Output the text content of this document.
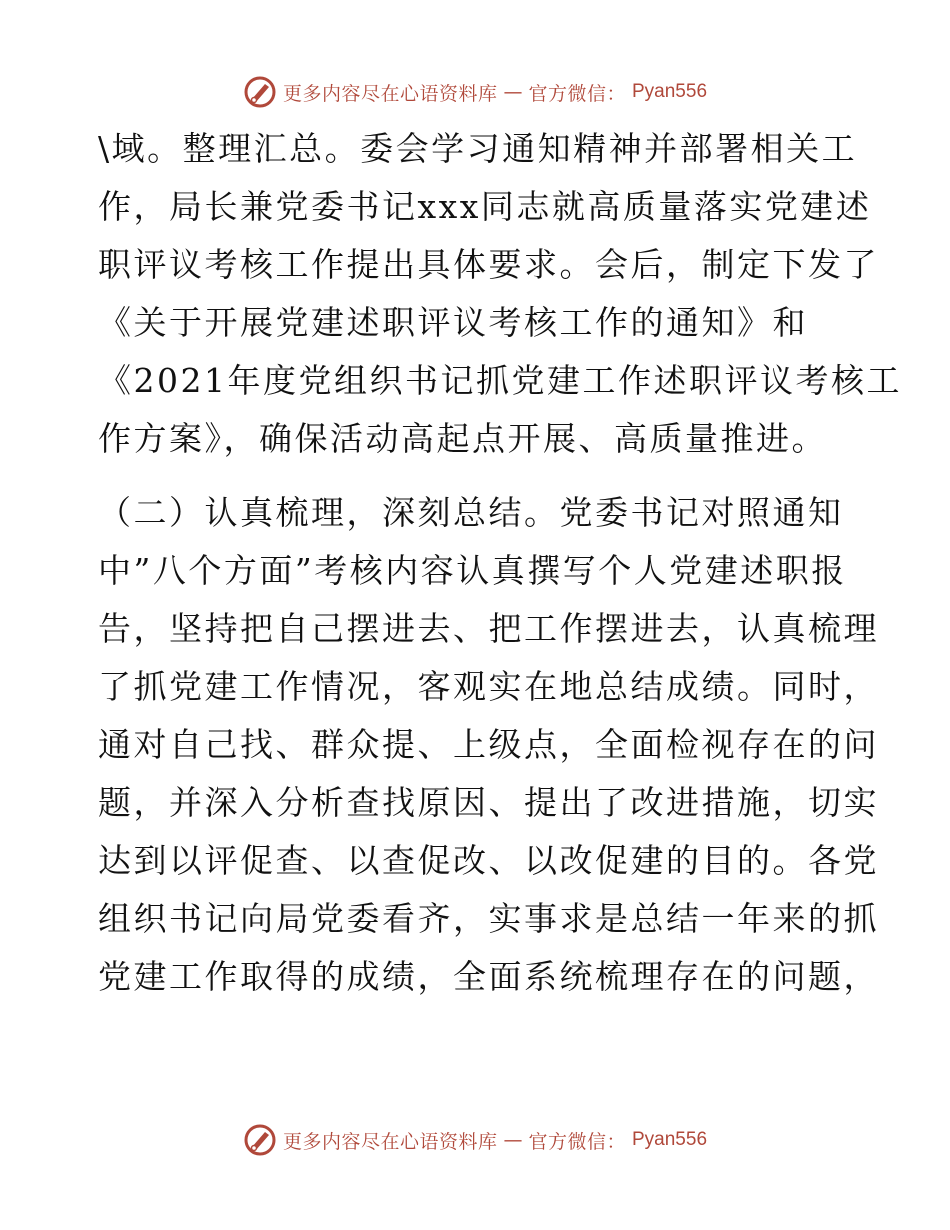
更多内容尽在心语资料库 — 官方微信： Pyan556
\域。整理汇总。委会学习通知精神并部署相关工
作，局长兼党委书记xxx同志就高质量落实党建述
职评议考核工作提出具体要求。会后，制定下发了
《关于开展党建述职评议考核工作的通知》和
《2021年度党组织书记抓党建工作述职评议考核工
作方案》，确保活动高起点开展、高质量推进。
（二）认真梳理，深刻总结。党委书记对照通知
中”八个方面”考核内容认真撰写个人党建述职报
告，坚持把自己摆进去、把工作摆进去，认真梳理
了抓党建工作情况，客观实在地总结成绩。同时，
通对自己找、群众提、上级点，全面检视存在的问
题，并深入分析查找原因、提出了改进措施，切实
达到以评促查、以查促改、以改促建的目的。各党
组织书记向局党委看齐，实事求是总结一年来的抓
党建工作取得的成绩，全面系统梳理存在的问题，
更多内容尽在心语资料库 — 官方微信： Pyan556
